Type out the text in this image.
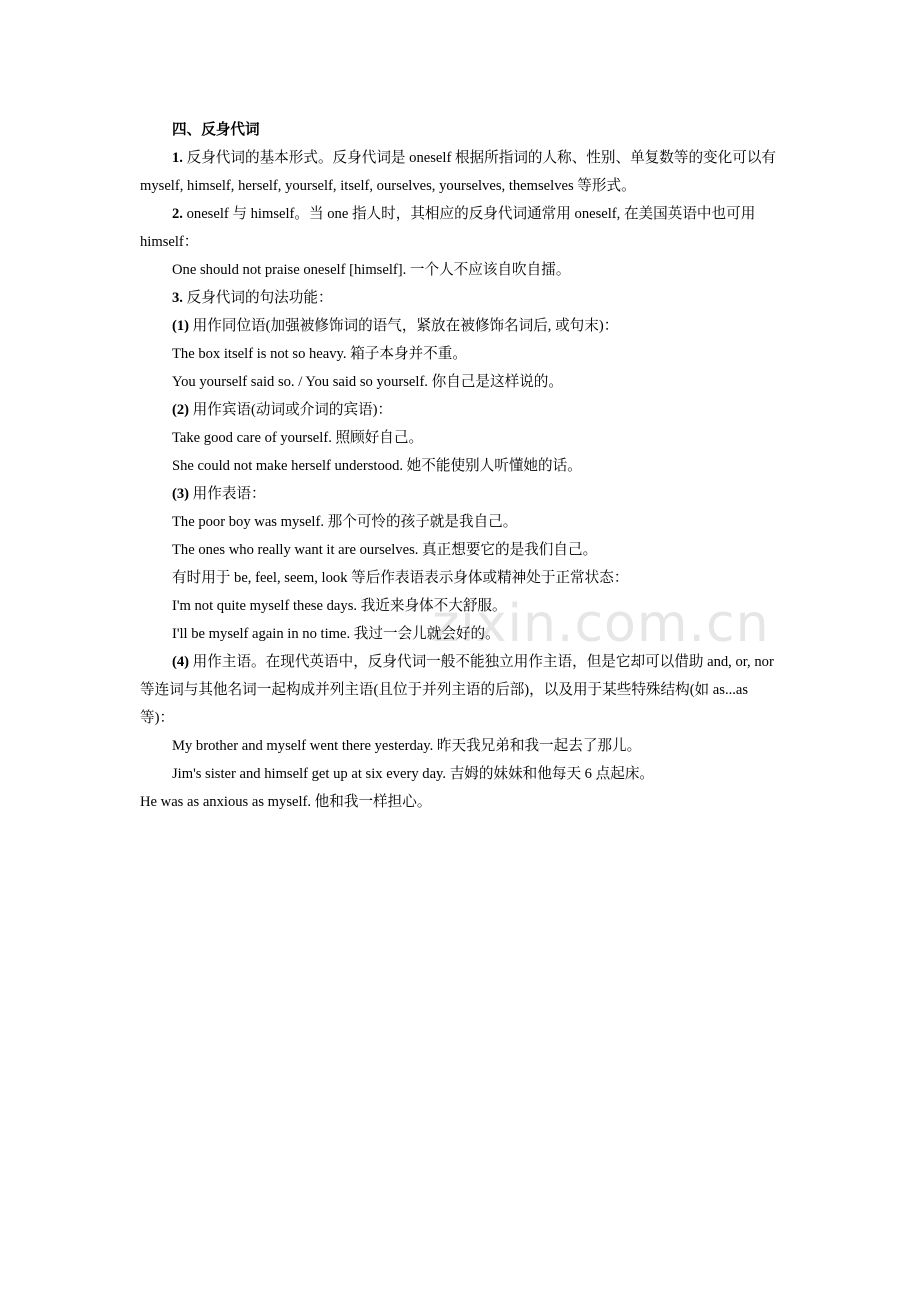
zixin.com.cn

四、反身代词

1. 反身代词的基本形式。反身代词是 oneself 根据所指词的人称、性别、单复数等的变化可以有 myself, himself, herself, yourself, itself, ourselves, yourselves, themselves 等形式。

2. oneself 与 himself。当 one 指人时，其相应的反身代词通常用 oneself, 在美国英语中也可用 himself：

One should not praise oneself [himself]. 一个人不应该自吹自擂。

3. 反身代词的句法功能：

(1) 用作同位语(加强被修饰词的语气，紧放在被修饰名词后, 或句末)：

The box itself is not so heavy. 箱子本身并不重。

You yourself said so. / You said so yourself. 你自己是这样说的。

(2) 用作宾语(动词或介词的宾语)：

Take good care of yourself. 照顾好自己。

She could not make herself understood. 她不能使别人听懂她的话。

(3) 用作表语：

The poor boy was myself. 那个可怜的孩子就是我自己。

The ones who really want it are ourselves. 真正想要它的是我们自己。

有时用于 be, feel, seem, look 等后作表语表示身体或精神处于正常状态：

I'm not quite myself these days. 我近来身体不大舒服。

I'll be myself again in no time. 我过一会儿就会好的。

(4) 用作主语。在现代英语中，反身代词一般不能独立用作主语，但是它却可以借助 and, or, nor 等连词与其他名词一起构成并列主语(且位于并列主语的后部)，以及用于某些特殊结构(如 as...as 等)：

My brother and myself went there yesterday. 昨天我兄弟和我一起去了那儿。

Jim's sister and himself get up at six every day. 吉姆的妹妹和他每天 6 点起床。

He was as anxious as myself. 他和我一样担心。
